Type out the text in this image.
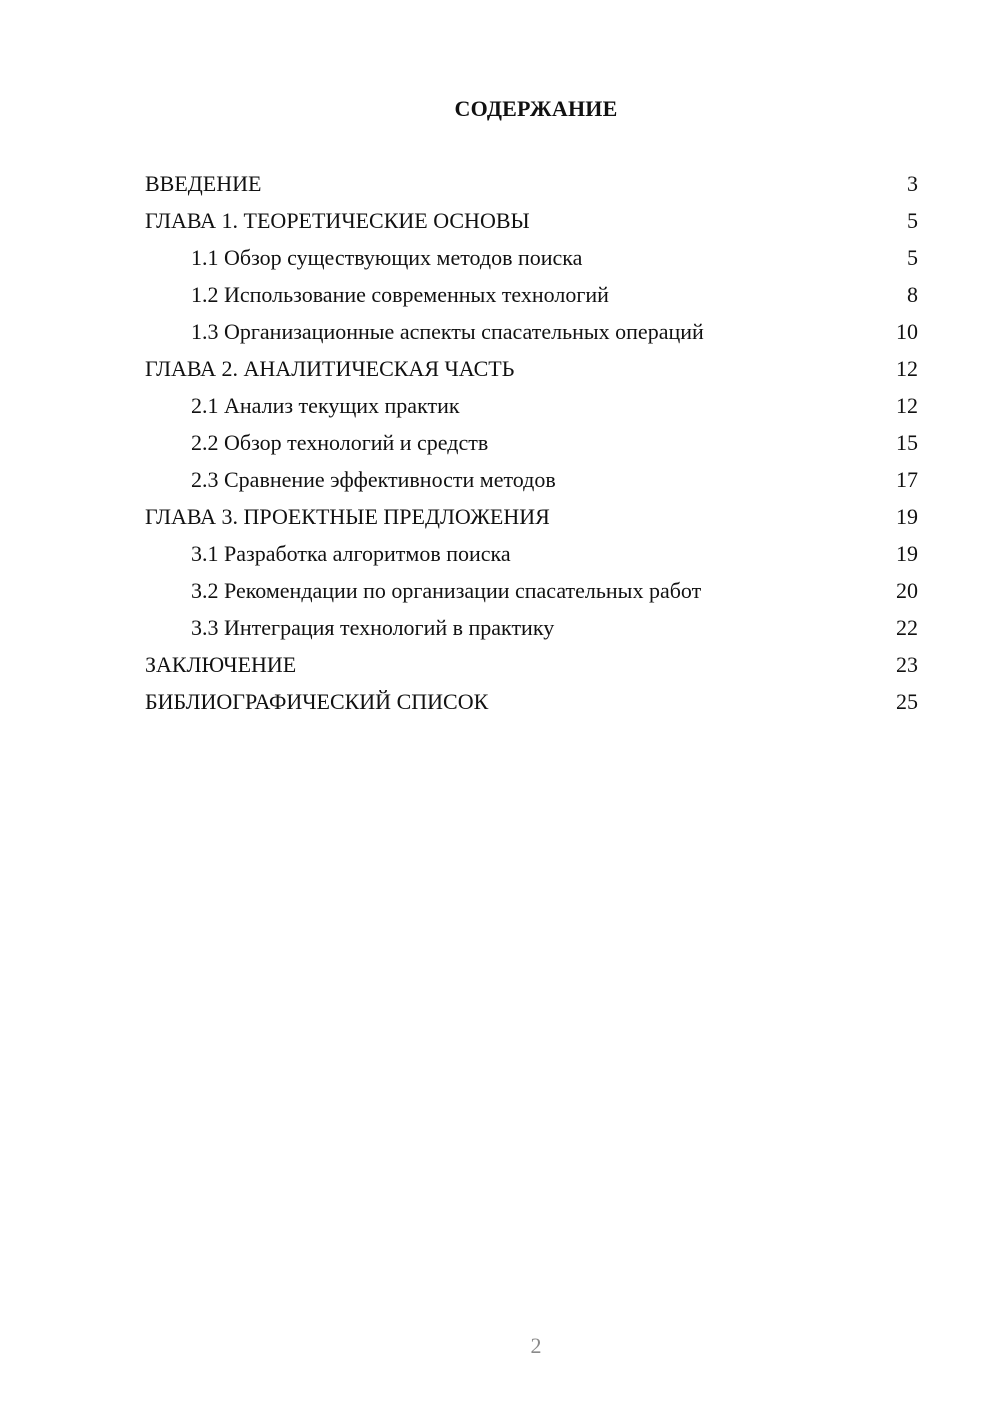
СОДЕРЖАНИЕ
ВВЕДЕНИЕ	3
ГЛАВА 1. ТЕОРЕТИЧЕСКИЕ ОСНОВЫ	5
1.1 Обзор существующих методов поиска	5
1.2 Использование современных технологий	8
1.3 Организационные аспекты спасательных операций	10
ГЛАВА 2. АНАЛИТИЧЕСКАЯ ЧАСТЬ	12
2.1 Анализ текущих практик	12
2.2 Обзор технологий и средств	15
2.3 Сравнение эффективности методов	17
ГЛАВА 3. ПРОЕКТНЫЕ ПРЕДЛОЖЕНИЯ	19
3.1 Разработка алгоритмов поиска	19
3.2 Рекомендации по организации спасательных работ	20
3.3 Интеграция технологий в практику	22
ЗАКЛЮЧЕНИЕ	23
БИБЛИОГРАФИЧЕСКИЙ СПИСОК	25
2
